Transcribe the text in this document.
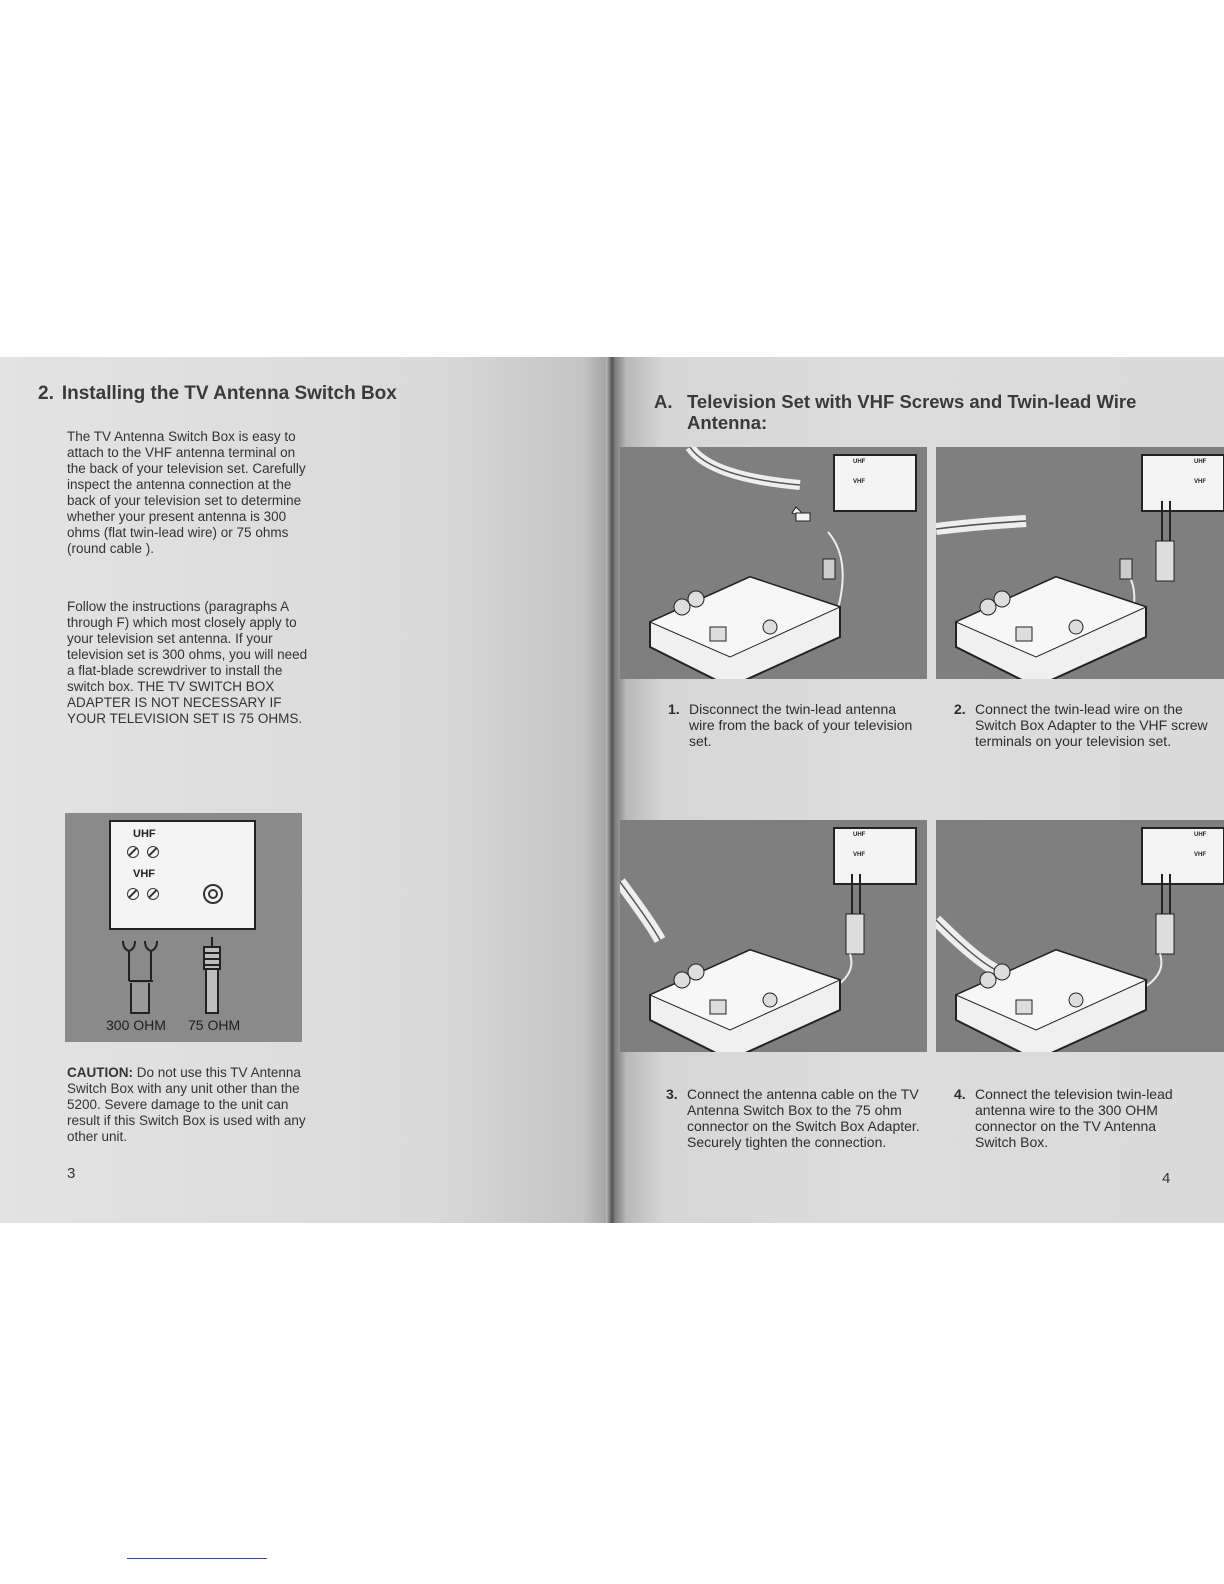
2. Installing the TV Antenna Switch Box

The TV Antenna Switch Box is easy to attach to the VHF antenna terminal on the back of your television set. Carefully inspect the antenna connection at the back of your television set to determine whether your present antenna is 300 ohms (flat twin-lead wire) or 75 ohms (round cable ).

Follow the instructions (paragraphs A through F) which most closely apply to your television set antenna. If your television set is 300 ohms, you will need a flat-blade screwdriver to install the switch box. THE TV SWITCH BOX ADAPTER IS NOT NECESSARY IF YOUR TELEVISION SET IS 75 OHMS.

UHF
VHF
300 OHM 75 OHM

CAUTION: Do not use this TV Antenna Switch Box with any unit other than the 5200. Severe damage to the unit can result if this Switch Box is used with any other unit.

3

A. Television Set with VHF Screws and Twin-lead Wire Antenna:
UHF
VHF
UHF
VHF

1. Disconnect the twin-lead antenna wire from the back of your television set.

2. Connect the twin-lead wire on the Switch Box Adapter to the VHF screw terminals on your television set.

UHF
VHF
UHF
VHF

3. Connect the antenna cable on the TV Antenna Switch Box to the 75 ohm connector on the Switch Box Adapter. Securely tighten the connection.

4. Connect the television twin-lead antenna wire to the 300 OHM connector on the TV Antenna Switch Box.

4
